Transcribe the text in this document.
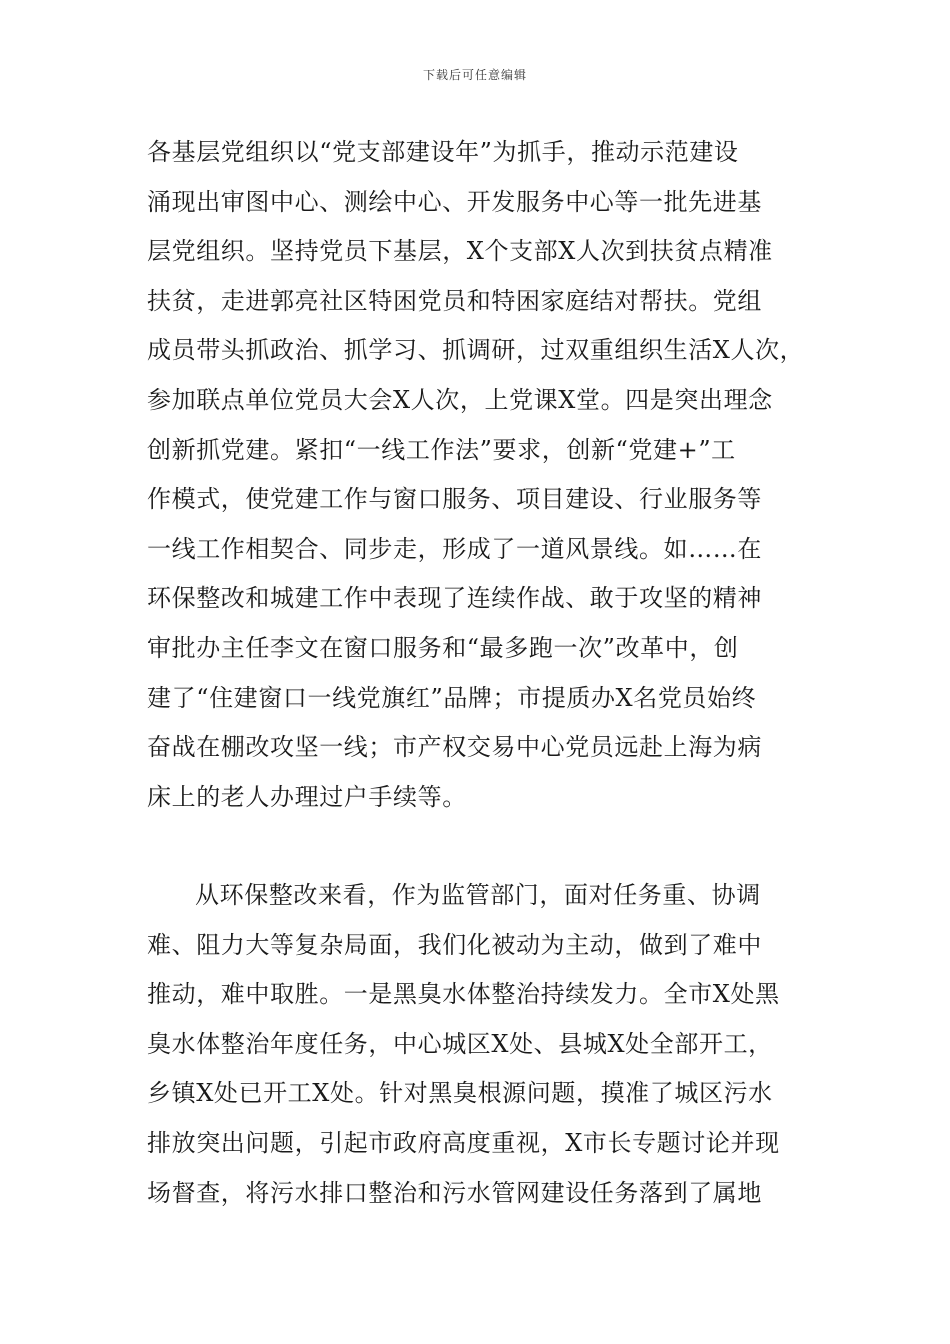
下载后可任意编辑
各基层党组织以“党支部建设年”为抓手，推动示范建设
涌现出审图中心、测绘中心、开发服务中心等一批先进基
层党组织。坚持党员下基层，X个支部X人次到扶贫点精准
扶贫，走进郭亮社区特困党员和特困家庭结对帮扶。党组
成员带头抓政治、抓学习、抓调研，过双重组织生活X人次，
参加联点单位党员大会X人次，上党课X堂。四是突出理念
创新抓党建。紧扣“一线工作法”要求，创新“党建+”工
作模式，使党建工作与窗口服务、项目建设、行业服务等
一线工作相契合、同步走，形成了一道风景线。如……在
环保整改和城建工作中表现了连续作战、敢于攻坚的精神
审批办主任李文在窗口服务和“最多跑一次”改革中，创
建了“住建窗口一线党旗红”品牌；市提质办X名党员始终
奋战在棚改攻坚一线；市产权交易中心党员远赴上海为病
床上的老人办理过户手续等。
从环保整改来看，作为监管部门，面对任务重、协调
难、阻力大等复杂局面，我们化被动为主动，做到了难中
推动，难中取胜。一是黑臭水体整治持续发力。全市X处黑
臭水体整治年度任务，中心城区X处、县城X处全部开工，
乡镇X处已开工X处。针对黑臭根源问题，摸准了城区污水
排放突出问题，引起市政府高度重视，X市长专题讨论并现
场督查，将污水排口整治和污水管网建设任务落到了属地
